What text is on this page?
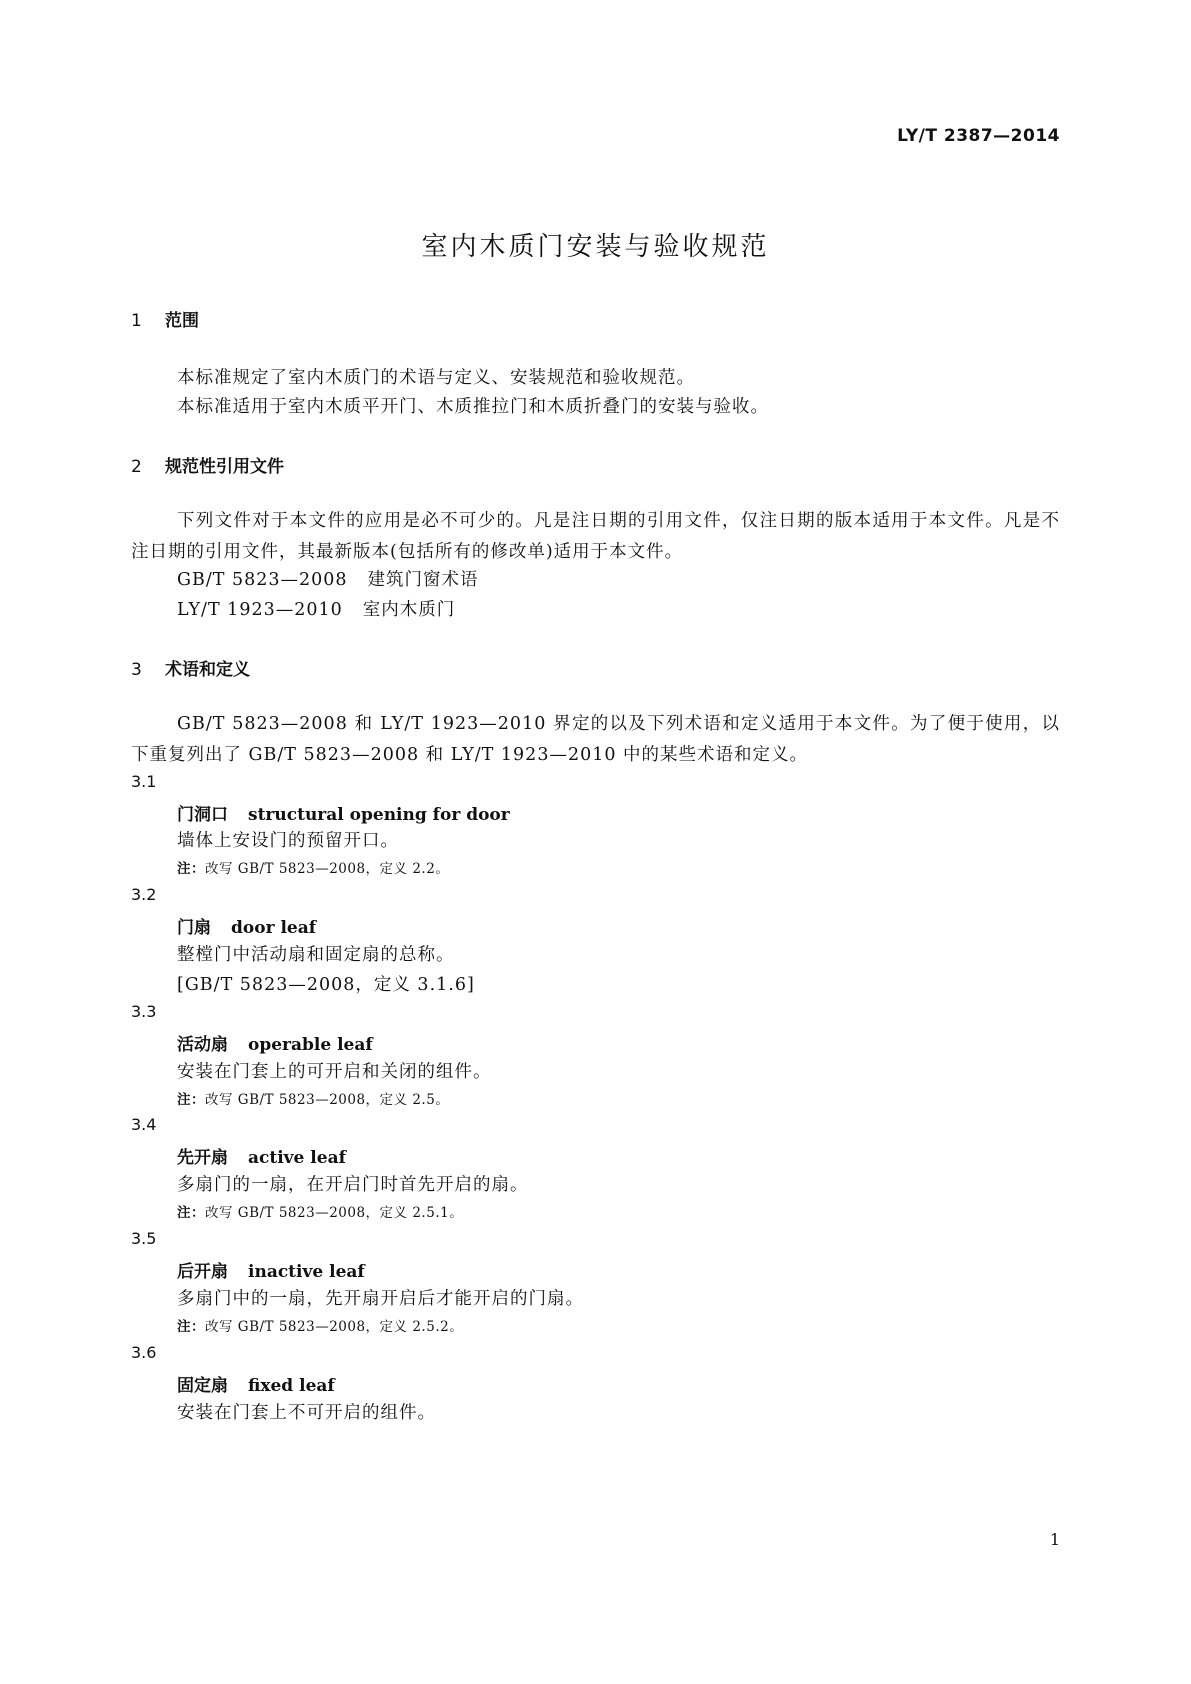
LY/T 2387—2014
室内木质门安装与验收规范
1 范围
本标准规定了室内木质门的术语与定义、安装规范和验收规范。
本标准适用于室内木质平开门、木质推拉门和木质折叠门的安装与验收。
2 规范性引用文件
下列文件对于本文件的应用是必不可少的。凡是注日期的引用文件，仅注日期的版本适用于本文件。凡是不注日期的引用文件，其最新版本(包括所有的修改单)适用于本文件。
GB/T 5823—2008 建筑门窗术语
LY/T 1923—2010 室内木质门
3 术语和定义
GB/T 5823—2008 和 LY/T 1923—2010 界定的以及下列术语和定义适用于本文件。为了便于使用，以下重复列出了 GB/T 5823—2008 和 LY/T 1923—2010 中的某些术语和定义。
3.1
门洞口 structural opening for door
墙体上安设门的预留开口。
注：改写 GB/T 5823—2008，定义 2.2。
3.2
门扇 door leaf
整樘门中活动扇和固定扇的总称。
[GB/T 5823—2008，定义 3.1.6]
3.3
活动扇 operable leaf
安装在门套上的可开启和关闭的组件。
注：改写 GB/T 5823—2008，定义 2.5。
3.4
先开扇 active leaf
多扇门的一扇，在开启门时首先开启的扇。
注：改写 GB/T 5823—2008，定义 2.5.1。
3.5
后开扇 inactive leaf
多扇门中的一扇，先开扇开启后才能开启的门扇。
注：改写 GB/T 5823—2008，定义 2.5.2。
3.6
固定扇 fixed leaf
安装在门套上不可开启的组件。
1
